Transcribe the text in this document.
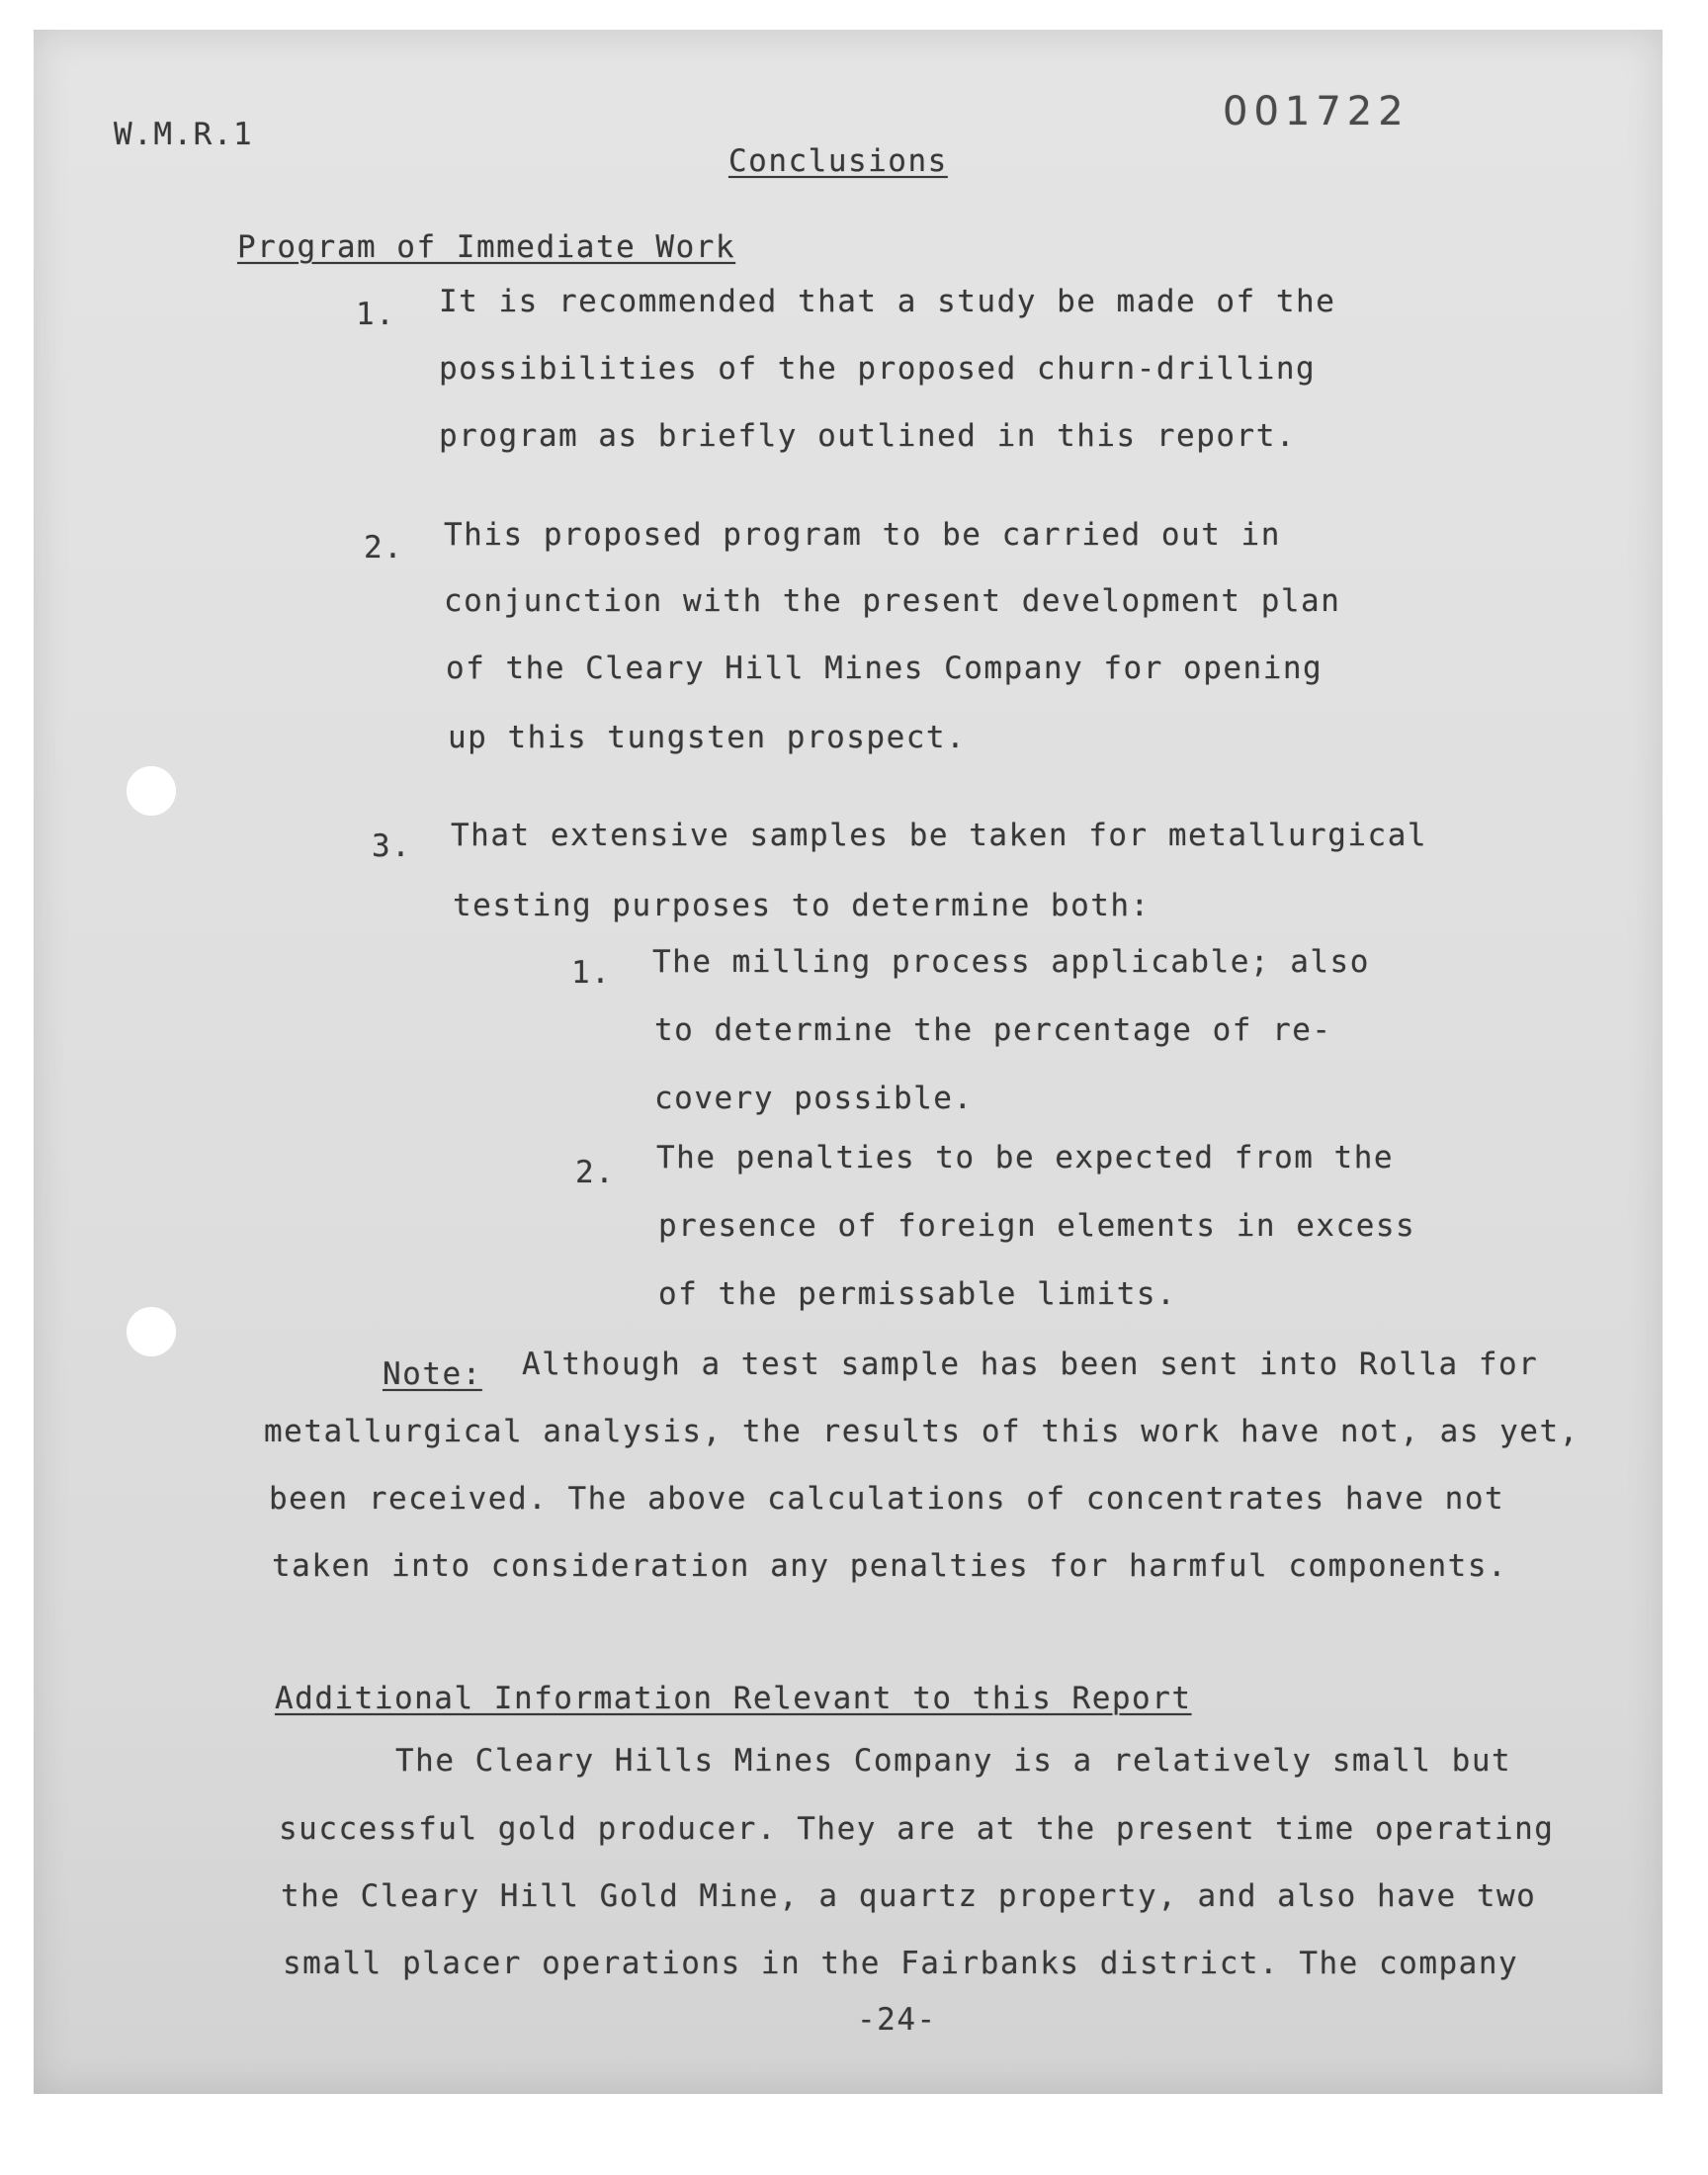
W.M.R.1	001722
Conclusions
Program of Immediate Work
1. It is recommended that a study be made of the
possibilities of the proposed churn-drilling
program as briefly outlined in this report.
2. This proposed program to be carried out in
conjunction with the present development plan
of the Cleary Hill Mines Company for opening
up this tungsten prospect.
3. That extensive samples be taken for metallurgical
testing purposes to determine both:
1. The milling process applicable; also
to determine the percentage of re-
covery possible.
2. The penalties to be expected from the
presence of foreign elements in excess
of the permissable limits.
Note: Although a test sample has been sent into Rolla for
metallurgical analysis, the results of this work have not, as yet,
been received. The above calculations of concentrates have not
taken into consideration any penalties for harmful components.
Additional Information Relevant to this Report
The Cleary Hills Mines Company is a relatively small but
successful gold producer. They are at the present time operating
the Cleary Hill Gold Mine, a quartz property, and also have two
small placer operations in the Fairbanks district. The company
-24-
